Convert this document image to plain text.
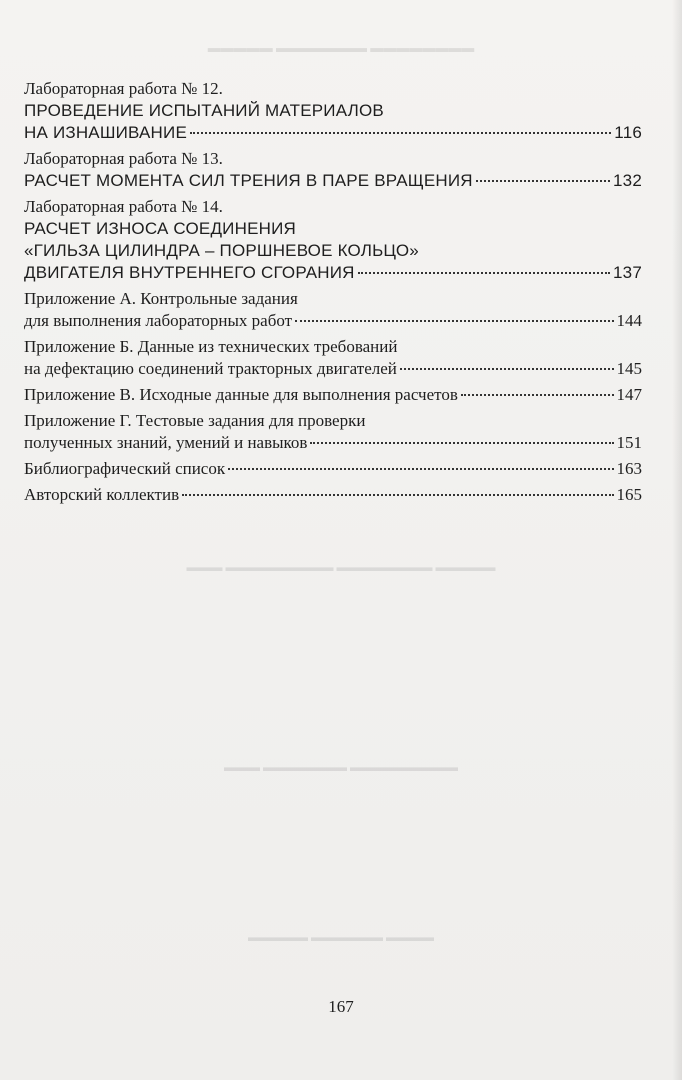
▬▬▬▬▬ ▬▬▬▬▬▬▬ ▬▬▬▬▬▬▬▬
▬▬▬ ▬▬▬▬▬▬▬▬▬ ▬▬▬▬▬▬▬▬ ▬▬▬▬▬
▬▬▬ ▬▬▬▬▬▬▬ ▬▬▬▬▬▬▬▬▬
▬▬▬▬▬ ▬▬▬▬▬▬ ▬▬▬▬
Лабораторная работа № 12.
ПРОВЕДЕНИЕ ИСПЫТАНИЙ МАТЕРИАЛОВ
НА ИЗНАШИВАНИЕ	116
Лабораторная работа № 13.
РАСЧЕТ МОМЕНТА СИЛ ТРЕНИЯ В ПАРЕ ВРАЩЕНИЯ	132
Лабораторная работа № 14.
РАСЧЕТ ИЗНОСА СОЕДИНЕНИЯ
«ГИЛЬЗА ЦИЛИНДРА – ПОРШНЕВОЕ КОЛЬЦО»
ДВИГАТЕЛЯ ВНУТРЕННЕГО СГОРАНИЯ	137
Приложение А. Контрольные задания
для выполнения лабораторных работ	144
Приложение Б. Данные из технических требований
на дефектацию соединений тракторных двигателей	145
Приложение В. Исходные данные для выполнения расчетов	147
Приложение Г. Тестовые задания для проверки
полученных знаний, умений и навыков	151
Библиографический список	163
Авторский коллектив	165
167
